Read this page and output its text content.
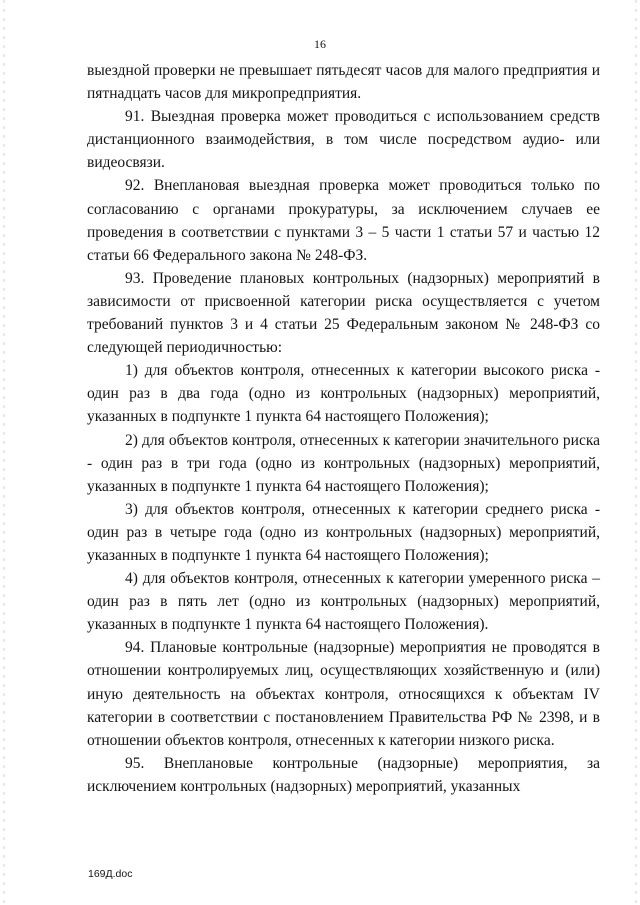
16

выездной проверки не превышает пятьдесят часов для малого предприятия и пятнадцать часов для микропредприятия.

91. Выездная проверка может проводиться с использованием средств дистанционного взаимодействия, в том числе посредством аудио- или видеосвязи.

92. Внеплановая выездная проверка может проводиться только по согласованию с органами прокуратуры, за исключением случаев ее проведения в соответствии с пунктами 3 – 5 части 1 статьи 57 и частью 12 статьи 66 Федерального закона № 248-ФЗ.

93. Проведение плановых контрольных (надзорных) мероприятий в зависимости от присвоенной категории риска осуществляется с учетом требований пунктов 3 и 4 статьи 25 Федеральным законом № 248-ФЗ со следующей периодичностью:

1) для объектов контроля, отнесенных к категории высокого риска - один раз в два года (одно из контрольных (надзорных) мероприятий, указанных в подпункте 1 пункта 64 настоящего Положения);

2) для объектов контроля, отнесенных к категории значительного риска - один раз в три года (одно из контрольных (надзорных) мероприятий, указанных в подпункте 1 пункта 64 настоящего Положения);

3) для объектов контроля, отнесенных к категории среднего риска - один раз в четыре года (одно из контрольных (надзорных) мероприятий, указанных в подпункте 1 пункта 64 настоящего Положения);

4) для объектов контроля, отнесенных к категории умеренного риска – один раз в пять лет (одно из контрольных (надзорных) мероприятий, указанных в подпункте 1 пункта 64 настоящего Положения).

94. Плановые контрольные (надзорные) мероприятия не проводятся в отношении контролируемых лиц, осуществляющих хозяйственную и (или) иную деятельность на объектах контроля, относящихся к объектам IV категории в соответствии с постановлением Правительства РФ № 2398, и в отношении объектов контроля, отнесенных к категории низкого риска.

95. Внеплановые контрольные (надзорные) мероприятия, за исключением контрольных (надзорных) мероприятий, указанных

169Д.doc
